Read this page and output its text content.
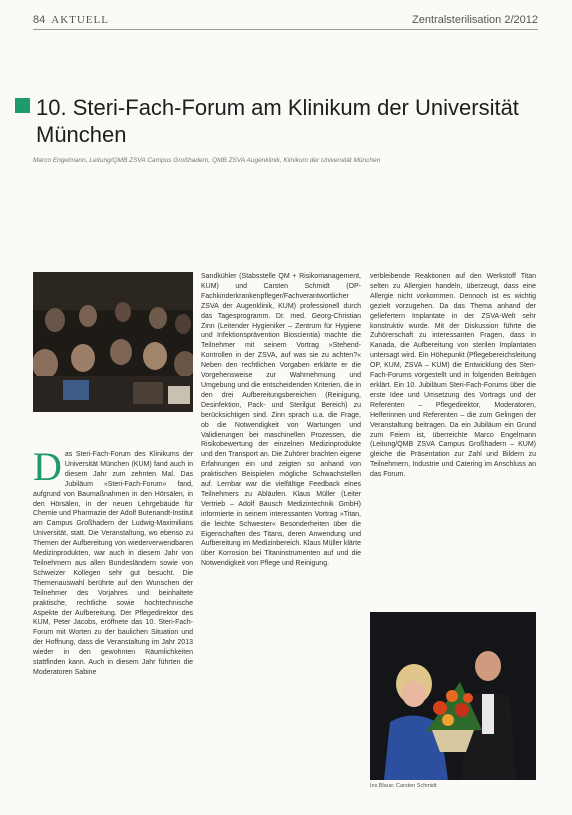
84 AKTUELL	Zentralsterilisation 2/2012
10. Steri-Fach-Forum am Klinikum der Universität München
Marco Engelmann, Leitung/QMB ZSVA Campus Großhadern, QMB ZSVA Augenklinik, Klinikum der Universität München
D as Steri-Fach-Forum des Klinikums der Universität München (KUM) fand auch in diesem Jahr zum zehnten Mal. Das Jubiläum »Steri-Fach-Forum« fand, aufgrund von Baumaßnahmen in den Hörsälen, in den Hörsälen, in der neuen Lehrgebäude für Chemie und Pharmazie der Adolf Butenandt-Institut am Campus Großhadern der Ludwig-Maximilians Universität, statt. Die Veranstaltung, wo ebenso zu Themen der Aufbereitung von wiederverwendbaren Medizinprodukten, war auch in diesem Jahr von Teilnehmern aus allen Bundesländern sowie von Schweizer Kollegen sehr gut besucht. Die Themenauswahl berührte auf den Wunschen der Teilnehmer des Vorjahres und beinhaltete praktische, rechtliche sowie hochtechnische Aspekte der Aufbereitung. Der Pflegedirektor des KUM, Peter Jacobs, eröffnete das 10. Steri-Fach-Forum mit Worten zu der baulichen Situation und der Hoffnung, dass die Veranstaltung im Jahr 2013 wieder in den gewohnten Räumlichkeiten stattfinden kann. Auch in diesem Jahr führten die Moderatoren Sabine

Sandkühler (Stabsstelle QM + Risikomanagement, KUM) und Carsten Schmidt (OP-Fachkinderkrankenpfleger/Fachverantwortlicher ZSVA der Augenklinik, KUM) professionell durch das Tagesprogramm. Dr. med. Georg-Christian Zinn (Leitender Hygieniker – Zentrum für Hygiene und Infektionsprävention Bioscientia) machte die Teilnehmer mit seinem Vortrag »Stehend-Kontrollen in der ZSVA, auf was sie zu achten?« Neben den rechtlichen Vorgaben erklärte er die Vorgehensweise zur Wahrnehmung und Umgebung und die entscheidenden Kriterien, die in den drei Aufbereitungsbereichen (Reinigung, Desinfektion, Pack- und Sterilgut Bereich) zu berücksichtigen sind. Zinn sprach u.a. die Frage, ob die Notwendigkeit von Wartungen und Validierungen bei maschinellen Prozessen, die Risikobewertung der einzelnen Medizinprodukte und den Transport an. Die Zuhörer brachten eigene Erfahrungen ein und zeigten so anhand von praktischen Beispielen mögliche Schwachstellen auf. Lernbar war die vielfältige Feedback eines Teilnehmers zu Abläufen. Klaus Müller (Leiter Vertrieb – Adolf Bausch Medizintechnik GmbH) informierte in seinem interessanten Vortrag »Titan, die leichte Schwester« Besonderheiten über die Eigenschaften des Titans, deren Anwendung und Aufbereitung im Medizinbereich. Klaus Müller klärte über Korrosion bei Titaninstrumenten auf und die Notwendigkeit von Pflege und Reinigung.

verbleibende Reaktionen auf den Werkstoff Titan selten zu Allergien handeln, überzeugt, dass eine Allergie nicht vorkommen. Dennoch ist es wichtig gezielt vorzugehen. Da das Thema anhand der geliefertern Implantate in der ZSVA-Welt sehr konstruktiv wurde. Mit der Diskussion führte die Zuhörerschaft zu interessanten Fragen, dass in Kanada, die Aufbereitung von sterilen Implantaten untersagt wird. Ein Höhepunkt (Pflegebereichsleitung OP, KUM, ZSVA – KUM) die Entwicklung des Steri-Fach-Forums vorgestellt und in folgenden Beiträgen erklärt. Ein 10. Jubiläum Steri-Fach-Forums über die erste Idee und Umsetzung des Vortrags und der Referenten – Pflegedirektor, Moderatoren, Helferinnen und Referenten – die zum Gelingen der Veranstaltung beitragen. Da ein Jubiläum ein Grund zum Feiern ist, überreichte Marco Engelmann (Leitung/QMB ZSVA Campus Großhadern – KUM) gleiche die Präsentation zur Zahl und Bildern zu Teilnehmern, Industrie und Catering im Anschluss an das Forum.

Ins Blaue: Carsten Schmidt
